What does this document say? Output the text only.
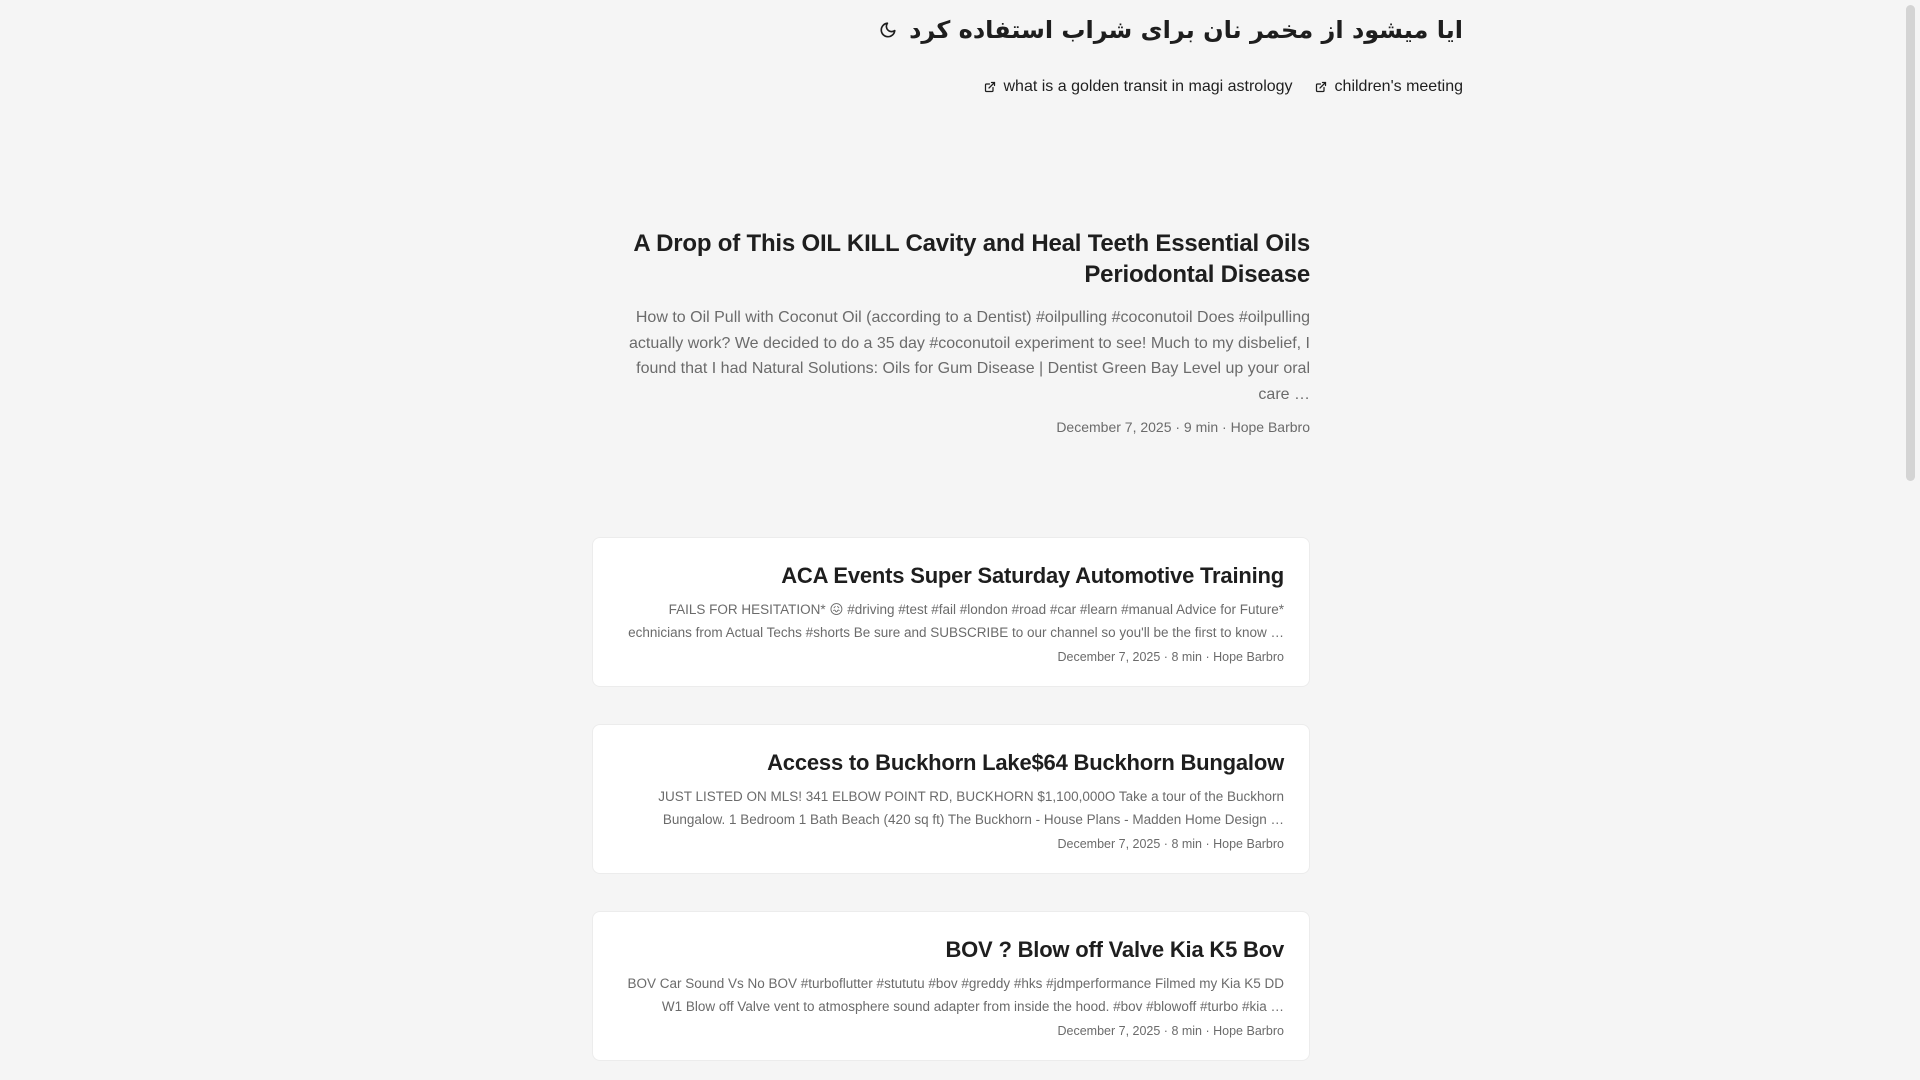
ایا میشود از مخمر نان برای شراب استفاده کرد
children's meeting
what is a golden transit in magi astrology
A Drop of This OIL KILL Cavity and Heal Teeth Essential Oils Periodontal Disease

How to Oil Pull with Coconut Oil (according to a Dentist) #oilpulling #coconutoil Does #oilpulling actually work? We decided to do a 35 day #coconutoil experiment to see! Much to my disbelief, I found that I had Natural Solutions: Oils for Gum Disease | Dentist Green Bay Level up your oral care …

December 7, 2025 · 9 min · Hope Barbro
ACA Events Super Saturday Automotive Training

FAILS FOR HESITATION* 😖 #driving #test #fail #london #road #car #learn #manual Advice for Future* echnicians from Actual Techs #shorts Be sure and SUBSCRIBE to our channel so you'll be the first to know …

December 7, 2025 · 8 min · Hope Barbro
Access to Buckhorn Lake$64 Buckhorn Bungalow

JUST LISTED ON MLS! 341 ELBOW POINT RD, BUCKHORN $1,100,000O Take a tour of the Buckhorn Bungalow. 1 Bedroom 1 Bath Beach (420 sq ft) The Buckhorn - House Plans - Madden Home Design …

December 7, 2025 · 8 min · Hope Barbro
BOV ? Blow off Valve Kia K5 Bov

BOV Car Sound Vs No BOV #turboflutter #stututu #bov #greddy #hks #jdmperformance Filmed my Kia K5 DD W1 Blow off Valve vent to atmosphere sound adapter from inside the hood. #bov #blowoff #turbo #kia …

December 7, 2025 · 8 min · Hope Barbro
